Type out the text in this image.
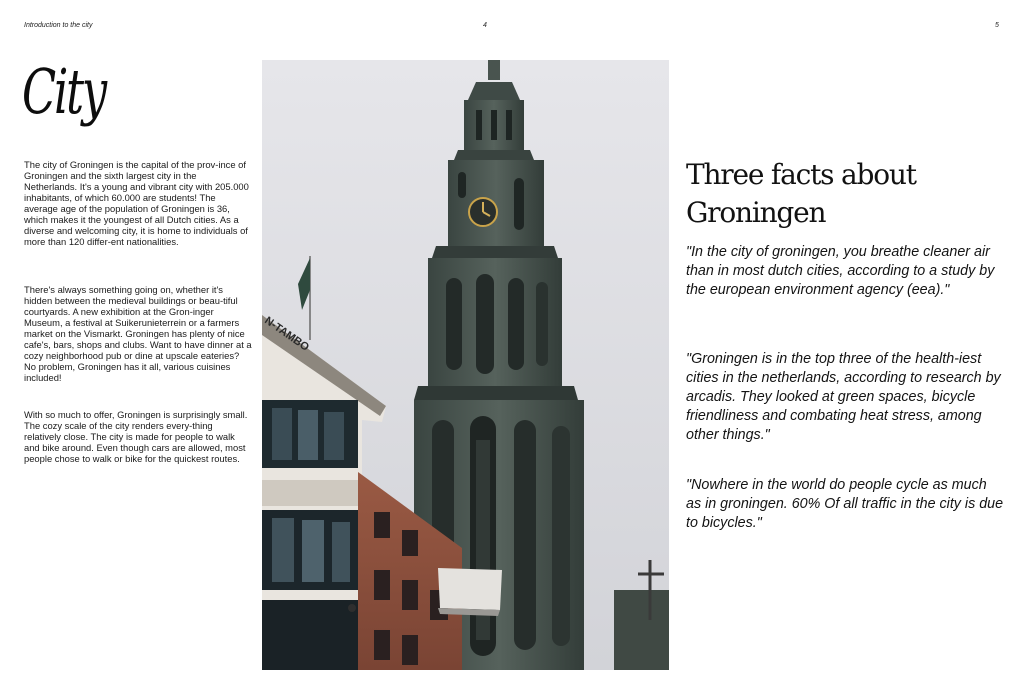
Introduction to the city	4	5
City

The city of Groningen is the capital of the prov-ince of Groningen and the sixth largest city in the Netherlands. It's a young and vibrant city with 205.000 inhabitants, of which 60.000 are students! The average age of the population of Groningen is 36, which makes it the youngest of all Dutch cities. As a diverse and welcoming city, it is home to individuals of more than 120 differ-ent nationalities.

There's always something going on, whether it's hidden between the medieval buildings or beau-tiful courtyards. A new exhibition at the Gron-inger Museum, a festival at Suikerunieterrein or a farmers market on the Vismarkt. Groningen has plenty of nice cafe's, bars, shops and clubs. Want to have dinner at a cozy neighborhood pub or dine at upscale eateries? No problem, Groningen has it all, various cuisines included!

With so much to offer, Groningen is surprisingly small. The cozy scale of the city renders every-thing relatively close. The city is made for people to walk and bike around. Even though cars are allowed, most people chose to walk or bike for the quickest routes.

N-TAMBO
Three facts about Groningen

"In the city of groningen, you breathe cleaner air than in most dutch cities, according to a study by the european environment agency (eea)."

"Groningen is in the top three of the health-iest cities in the netherlands, according to research by arcadis. They looked at green spaces, bicycle friendliness and combating heat stress, among other things."

"Nowhere in the world do people cycle as much as in groningen. 60% Of all traffic in the city is due to bicycles."
